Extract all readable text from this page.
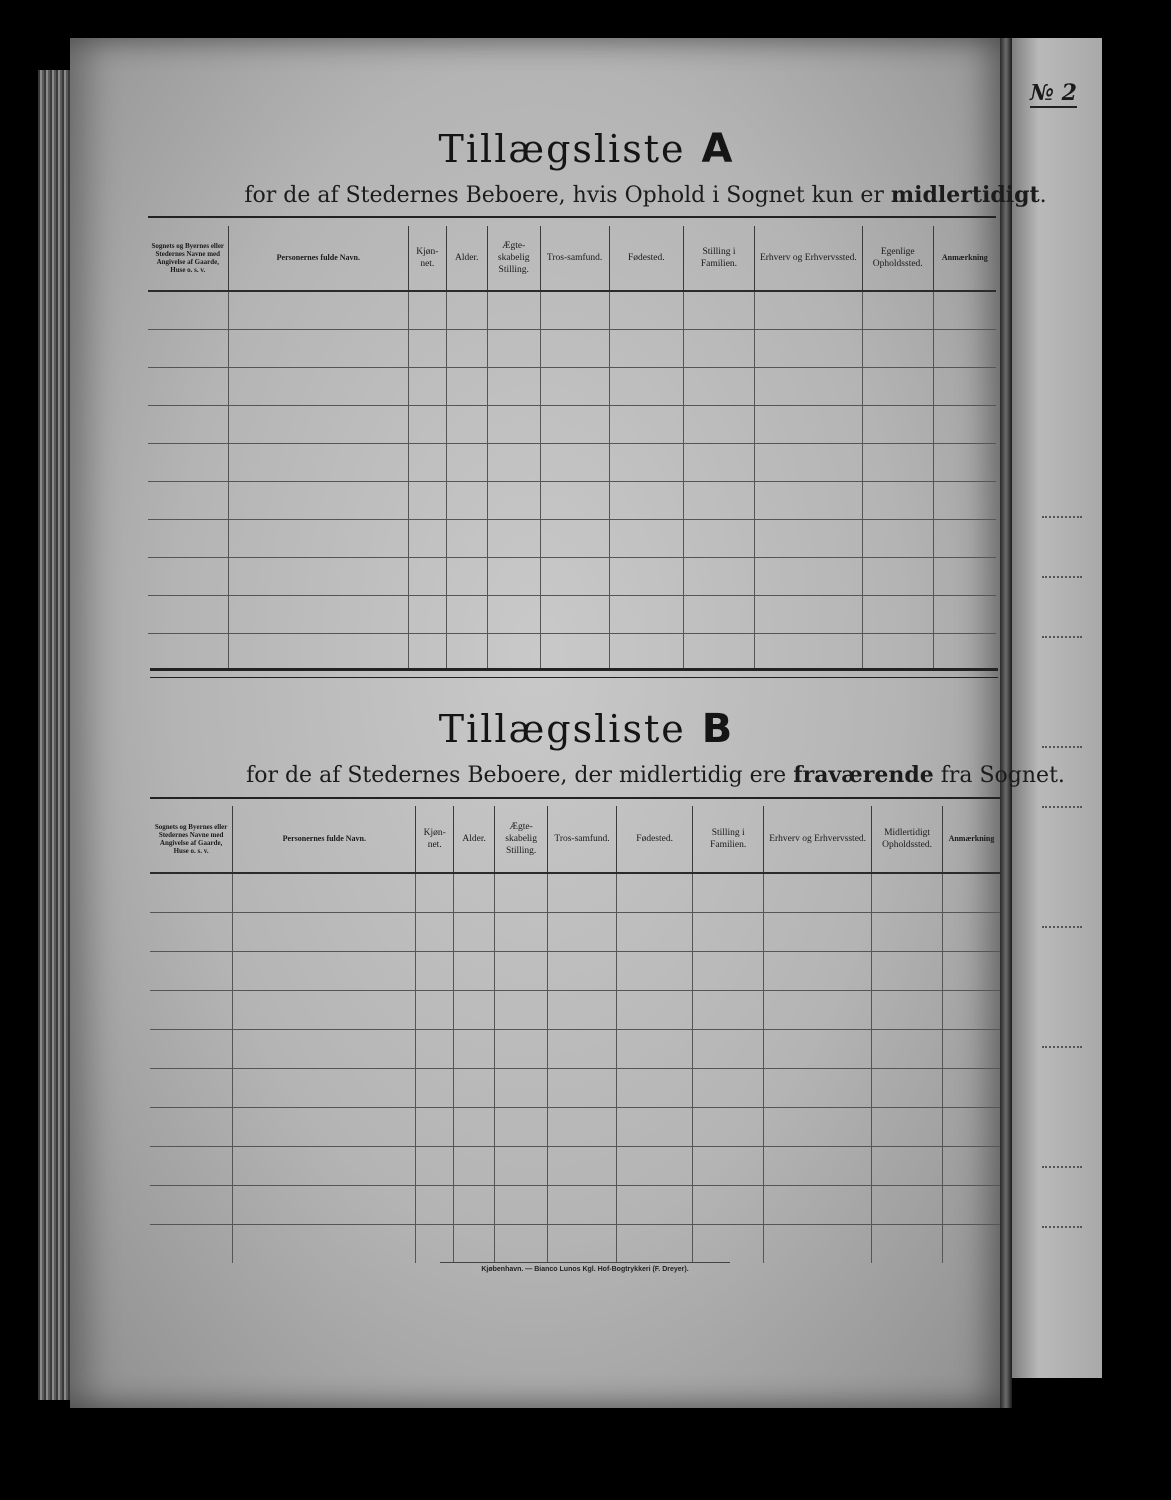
№ 2
Tillægsliste A
for de af Stedernes Beboere, hvis Ophold i Sognet kun er midlertidigt.
Sognets og Byernes eller Stedernes Navne med Angivelse af Gaarde, Huse o. s. v.	Personernes fulde Navn.	Kjøn-net.	Alder.	Ægte-skabelig Stilling.	Tros-samfund.	Fødested.	Stilling i Familien.	Erhverv og Erhvervssted.	Egenlige Opholdssted.	Anmærkning

Tillægsliste B
for de af Stedernes Beboere, der midlertidig ere fraværende fra Sognet.
Sognets og Byernes eller Stedernes Navne med Angivelse af Gaarde, Huse o. s. v.	Personernes fulde Navn.	Kjøn-net.	Alder.	Ægte-skabelig Stilling.	Tros-samfund.	Fødested.	Stilling i Familien.	Erhverv og Erhvervssted.	Midlertidigt Opholdssted.	Anmærkning

Kjøbenhavn. — Bianco Lunos Kgl. Hof-Bogtrykkeri (F. Dreyer).
